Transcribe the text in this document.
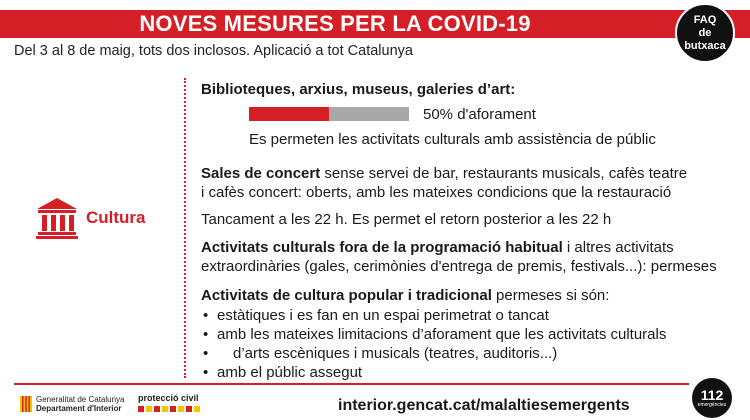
NOVES MESURES PER LA COVID-19	FAQ
de
butxaca
Del 3 al 8 de maig, tots dos inclosos. Aplicació a tot Catalunya
Cultura
Biblioteques, arxius, museus, galeries d’art:
50% d'aforament
Es permeten les activitats culturals amb assistència de públic
Sales de concert sense servei de bar, restaurants musicals, cafès teatre
i cafès concert: oberts, amb les mateixes condicions que la restauració
Tancament a les 22 h. Es permet el retorn posterior a les 22 h
Activitats culturals fora de la programació habitual i altres activitats
extraordinàries (gales, cerimònies d'entrega de premis, festivals...): permeses
Activitats de cultura popular i tradicional permeses si són:
• estàtiques i es fan en un espai perimetrat o tancat
• amb les mateixes limitacions d’aforament que les activitats culturals
• d’arts escèniques i musicals (teatres, auditoris...)
• amb el públic assegut
Generalitat de Catalunya
Departament d'Interior
protecció civil	interior.gencat.cat/malaltiesemergents
112
emergències
